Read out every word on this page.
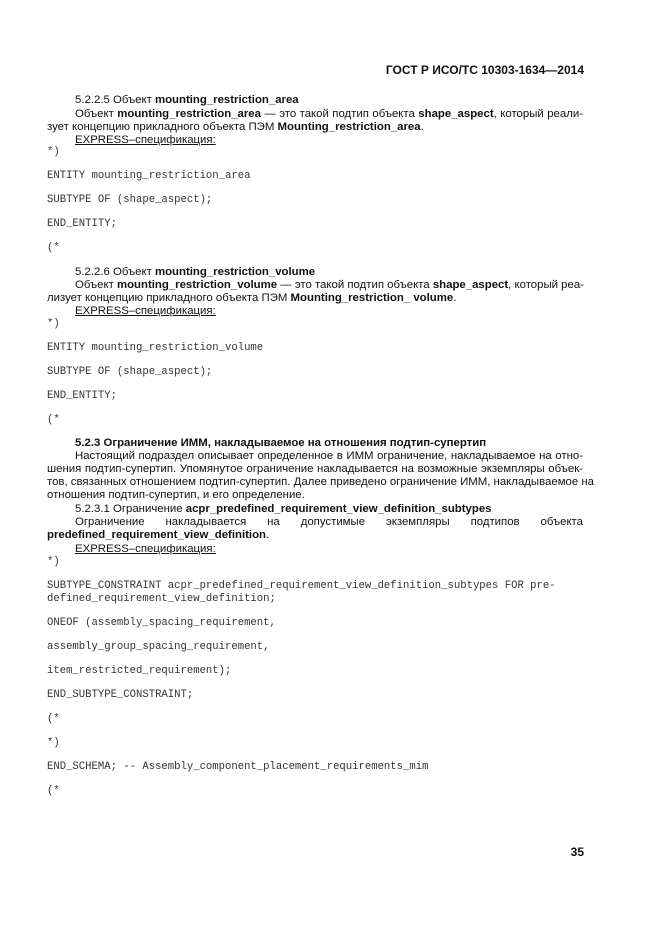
ГОСТ Р ИСО/ТС 10303-1634—2014
5.2.2.5 Объект mounting_restriction_area
Объект mounting_restriction_area — это такой подтип объекта shape_aspect, который реали-
зует концепцию прикладного объекта ПЭМ Mounting_restriction_area.
EXPRESS–спецификация:
*)
ENTITY mounting_restriction_area
SUBTYPE OF (shape_aspect);
END_ENTITY;
(*
5.2.2.6 Объект mounting_restriction_volume
Объект mounting_restriction_volume — это такой подтип объекта shape_aspect, который реа-
лизует концепцию прикладного объекта ПЭМ Mounting_restriction_ volume.
EXPRESS–спецификация:
*)
ENTITY mounting_restriction_volume
SUBTYPE OF (shape_aspect);
END_ENTITY;
(*
5.2.3 Ограничение ИММ, накладываемое на отношения подтип-супертип
Настоящий подраздел описывает определенное в ИММ ограничение, накладываемое на отно-
шения подтип-супертип. Упомянутое ограничение накладывается на возможные экземпляры объек-
тов, связанных отношением подтип-супертип. Далее приведено ограничение ИММ, накладываемое на
отношения подтип-супертип, и его определение.
5.2.3.1 Ограничение acpr_predefined_requirement_view_definition_subtypes
Ограничение накладывается на допустимые экземпляры подтипов объекта
predefined_requirement_view_definition.
EXPRESS–спецификация:
*)
SUBTYPE_CONSTRAINT acpr_predefined_requirement_view_definition_subtypes FOR pre-
defined_requirement_view_definition;
ONEOF (assembly_spacing_requirement,
assembly_group_spacing_requirement,
item_restricted_requirement);
END_SUBTYPE_CONSTRAINT;
(*
*)
END_SCHEMA; -- Assembly_component_placement_requirements_mim
(*
35
